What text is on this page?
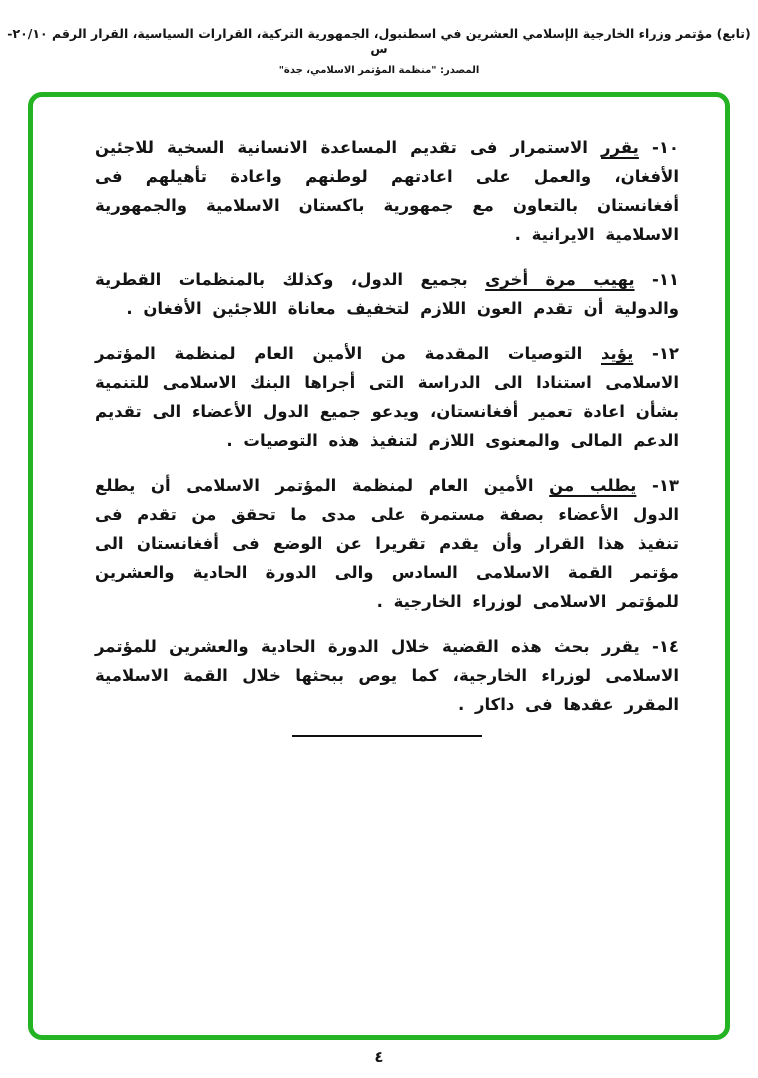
(تابع) مؤتمر وزراء الخارجية الإسلامي العشرين في اسطنبول، الجمهورية التركية، القرارات السياسية، القرار الرقم ٢٠/١٠-س
المصدر: "منظمة المؤتمر الاسلامي، جدة"

١٠- يقرر الاستمرار فى تقديم المساعدة الانسانية السخية للاجئين الأفغان، والعمل على اعادتهم لوطنهم واعادة تأهيلهم فى أفغانستان بالتعاون مع جمهورية باكستان الاسلامية والجمهورية الاسلامية الايرانية .

١١- يهيب مرة أخرى بجميع الدول، وكذلك بالمنظمات القطرية والدولية أن تقدم العون اللازم لتخفيف معاناة اللاجئين الأفغان .

١٢- يؤيد التوصيات المقدمة من الأمين العام لمنظمة المؤتمر الاسلامى استنادا الى الدراسة التى أجراها البنك الاسلامى للتنمية بشأن اعادة تعمير أفغانستان، ويدعو جميع الدول الأعضاء الى تقديم الدعم المالى والمعنوى اللازم لتنفيذ هذه التوصيات .

١٣- يطلب من الأمين العام لمنظمة المؤتمر الاسلامى أن يطلع الدول الأعضاء بصفة مستمرة على مدى ما تحقق من تقدم فى تنفيذ هذا القرار وأن يقدم تقريرا عن الوضع فى أفغانستان الى مؤتمر القمة الاسلامى السادس والى الدورة الحادية والعشرين للمؤتمر الاسلامى لوزراء الخارجية .

١٤- يقرر بحث هذه القضية خلال الدورة الحادية والعشرين للمؤتمر الاسلامى لوزراء الخارجية، كما يوص ببحثها خلال القمة الاسلامية المقرر عقدها فى داكار .

٤
